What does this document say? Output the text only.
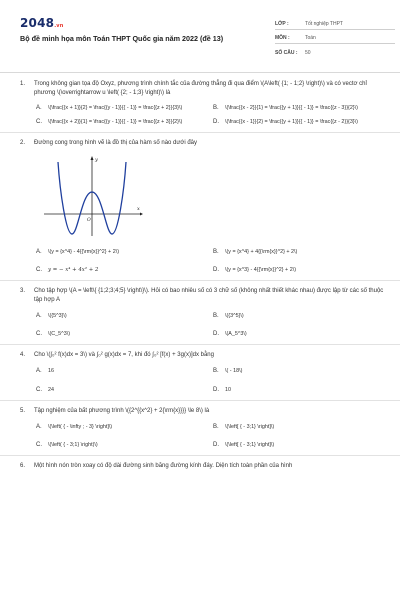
2048.vn
Bộ đề minh họa môn Toán THPT Quốc gia năm 2022 (đề 13)
LỚP :	Tốt nghiệp THPT
MÔN :	Toán
SỐ CÂU :	50
1.	Trong không gian tọa độ Oxyz, phương trình chính tắc của đường thẳng đi qua điểm \(A\left( {1; - 1;2} \right)\) và có vectơ chỉ phương \(\overrightarrow u \left( {2; - 1;3} \right)\) là
A.	\(\frac{{x + 1}}{2} = \frac{{y - 1}}{{ - 1}} = \frac{{z + 2}}{3}\)	B.	\(\frac{{x - 2}}{1} = \frac{{y + 1}}{{ - 1}} = \frac{{z - 3}}{2}\)
C.	\(\frac{{x + 2}}{1} = \frac{{y - 1}}{{ - 1}} = \frac{{z + 3}}{2}\)	D.	\(\frac{{x - 1}}{2} = \frac{{y + 1}}{{ - 1}} = \frac{{z - 2}}{3}\)
2.	Đường cong trong hình vẽ là đồ thị của hàm số nào dưới đây
y
x
O
A.	\(y = {x^4} - 4{{\rm{x}}^2} + 2\)	B.	\(y = {x^4} + 4{{\rm{x}}^2} + 2\)
C.	y = − x⁴ + 4x² + 2	D.	\(y = {x^3} - 4{{\rm{x}}^2} + 2\)
3.	Cho tập hợp \(A = \left\{ {1;2;3;4;5} \right\}\). Hỏi có bao nhiêu số có 3 chữ số (không nhất thiết khác nhau) được lập từ các số thuộc tập hợp A
A.	\({5^3}\)	B.	\({3^5}\)
C.	\(C_5^3\)	D.	\(A_5^3\)
4.	Cho \(∫₀² f(x)dx = 3\) và ∫₀² g(x)dx = 7, khi đó ∫₀² [f(x) + 3g(x)]dx bằng
A.	16	B.	\( - 18\)
C.	24	D.	10
5.	Tập nghiệm của bất phương trình \({2^{{x^2} + 2{\rm{x}}}} \le 8\) là
A.	\(\left( { - \infty ; - 3} \right]\)	B.	\(\left[ { - 3;1} \right]\)
C.	\(\left( { - 3;1} \right)\)	D.	\(\left[ { - 3;1} \right]\)
6.	Một hình nón tròn xoay có độ dài đường sinh bằng đường kính đáy. Diện tích toàn phần của hình
